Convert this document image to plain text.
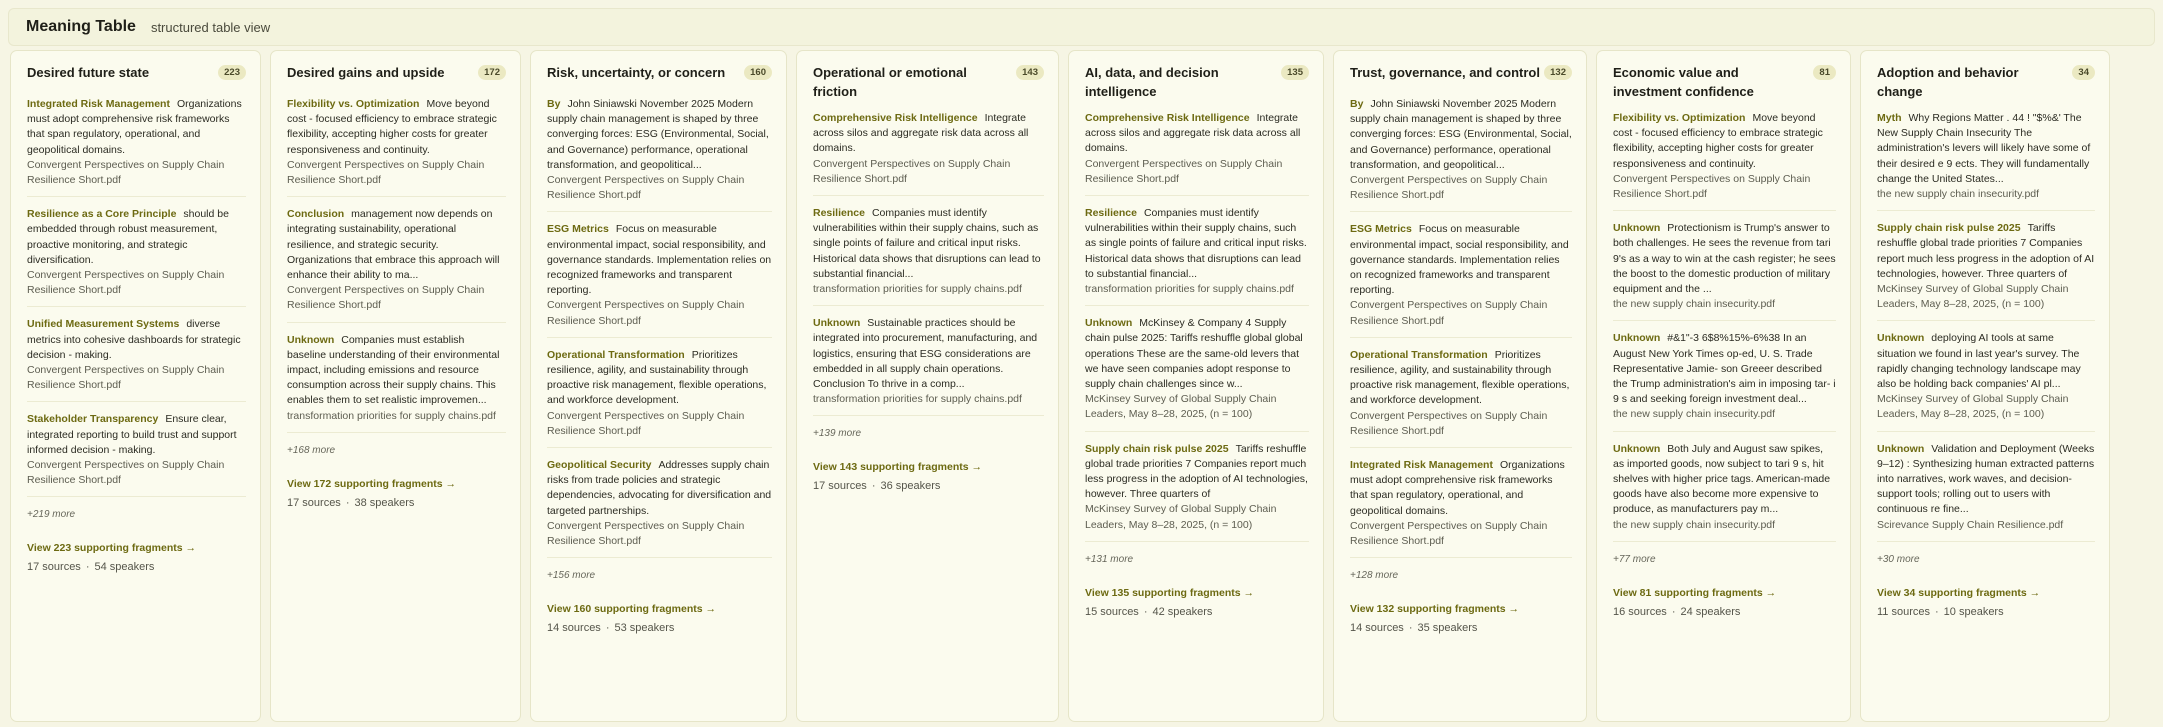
Meaning Table structured table view
Desired future state	223
Integrated Risk Management Organizations must adopt comprehensive risk frameworks that span regulatory, operational, and geopolitical domains.
Convergent Perspectives on Supply Chain Resilience Short.pdf
Resilience as a Core Principle should be embedded through robust measurement, proactive monitoring, and strategic diversification.
Convergent Perspectives on Supply Chain Resilience Short.pdf
Unified Measurement Systems diverse metrics into cohesive dashboards for strategic decision - making.
Convergent Perspectives on Supply Chain Resilience Short.pdf
Stakeholder Transparency Ensure clear, integrated reporting to build trust and support informed decision - making.
Convergent Perspectives on Supply Chain Resilience Short.pdf
+219 more
View 223 supporting fragments →
17 sources · 54 speakers
Desired gains and upside	172
Flexibility vs. Optimization Move beyond cost - focused efficiency to embrace strategic flexibility, accepting higher costs for greater responsiveness and continuity.
Convergent Perspectives on Supply Chain Resilience Short.pdf
Conclusion management now depends on integrating sustainability, operational resilience, and strategic security. Organizations that embrace this approach will enhance their ability to ma...
Convergent Perspectives on Supply Chain Resilience Short.pdf
Unknown Companies must establish baseline understanding of their environmental impact, including emissions and resource consumption across their supply chains. This enables them to set realistic improvemen...
transformation priorities for supply chains.pdf
+168 more
View 172 supporting fragments →
17 sources · 38 speakers
Risk, uncertainty, or concern	160
By John Siniawski November 2025 Modern supply chain management is shaped by three converging forces: ESG (Environmental, Social, and Governance) performance, operational transformation, and geopolitical...
Convergent Perspectives on Supply Chain Resilience Short.pdf
ESG Metrics Focus on measurable environmental impact, social responsibility, and governance standards. Implementation relies on recognized frameworks and transparent reporting.
Convergent Perspectives on Supply Chain Resilience Short.pdf
Operational Transformation Prioritizes resilience, agility, and sustainability through proactive risk management, flexible operations, and workforce development.
Convergent Perspectives on Supply Chain Resilience Short.pdf
Geopolitical Security Addresses supply chain risks from trade policies and strategic dependencies, advocating for diversification and targeted partnerships.
Convergent Perspectives on Supply Chain Resilience Short.pdf
+156 more
View 160 supporting fragments →
14 sources · 53 speakers
Operational or emotional friction
143
Comprehensive Risk Intelligence Integrate across silos and aggregate risk data across all domains.
Convergent Perspectives on Supply Chain Resilience Short.pdf
Resilience Companies must identify vulnerabilities within their supply chains, such as single points of failure and critical input risks. Historical data shows that disruptions can lead to substantial financial...
transformation priorities for supply chains.pdf
Unknown Sustainable practices should be integrated into procurement, manufacturing, and logistics, ensuring that ESG considerations are embedded in all supply chain operations. Conclusion To thrive in a comp...
transformation priorities for supply chains.pdf
+139 more
View 143 supporting fragments →
17 sources · 36 speakers
AI, data, and decision intelligence
135
Comprehensive Risk Intelligence Integrate across silos and aggregate risk data across all domains.
Convergent Perspectives on Supply Chain Resilience Short.pdf
Resilience Companies must identify vulnerabilities within their supply chains, such as single points of failure and critical input risks. Historical data shows that disruptions can lead to substantial financial...
transformation priorities for supply chains.pdf
Unknown McKinsey & Company 4 Supply chain pulse 2025: Tariffs reshuffle global global operations These are the same-old levers that we have seen companies adopt response to supply chain challenges since w...
McKinsey Survey of Global Supply Chain Leaders, May 8–28, 2025, (n = 100)
Supply chain risk pulse 2025 Tariffs reshuffle global trade priorities 7 Companies report much less progress in the adoption of AI technologies, however. Three quarters of
McKinsey Survey of Global Supply Chain Leaders, May 8–28, 2025, (n = 100)
+131 more
View 135 supporting fragments →
15 sources · 42 speakers
Trust, governance, and control	132
By John Siniawski November 2025 Modern supply chain management is shaped by three converging forces: ESG (Environmental, Social, and Governance) performance, operational transformation, and geopolitical...
Convergent Perspectives on Supply Chain Resilience Short.pdf
ESG Metrics Focus on measurable environmental impact, social responsibility, and governance standards. Implementation relies on recognized frameworks and transparent reporting.
Convergent Perspectives on Supply Chain Resilience Short.pdf
Operational Transformation Prioritizes resilience, agility, and sustainability through proactive risk management, flexible operations, and workforce development.
Convergent Perspectives on Supply Chain Resilience Short.pdf
Integrated Risk Management Organizations must adopt comprehensive risk frameworks that span regulatory, operational, and geopolitical domains.
Convergent Perspectives on Supply Chain Resilience Short.pdf
+128 more
View 132 supporting fragments →
14 sources · 35 speakers
Economic value and investment confidence
81
Flexibility vs. Optimization Move beyond cost - focused efficiency to embrace strategic flexibility, accepting higher costs for greater responsiveness and continuity.
Convergent Perspectives on Supply Chain Resilience Short.pdf
Unknown Protectionism is Trump's answer to both challenges. He sees the revenue from tari 9's as a way to win at the cash register; he sees the boost to the domestic production of military equipment and the ...
the new supply chain insecurity.pdf
Unknown #&1"-3 6$8%15%-6%38 In an August New York Times op-ed, U. S. Trade Representative Jamie- son Greeer described the Trump administration's aim in imposing tar- i 9 s and seeking foreign investment deal...
the new supply chain insecurity.pdf
Unknown Both July and August saw spikes, as imported goods, now subject to tari 9 s, hit shelves with higher price tags. American-made goods have also become more expensive to produce, as manufacturers pay m...
the new supply chain insecurity.pdf
+77 more
View 81 supporting fragments →
16 sources · 24 speakers
Adoption and behavior change
34
Myth Why Regions Matter . 44 ! "$%&' The New Supply Chain Insecurity The administration's levers will likely have some of their desired e 9 ects. They will fundamentally change the United States...
the new supply chain insecurity.pdf
Supply chain risk pulse 2025 Tariffs reshuffle global trade priorities 7 Companies report much less progress in the adoption of AI technologies, however. Three quarters of
McKinsey Survey of Global Supply Chain Leaders, May 8–28, 2025, (n = 100)
Unknown deploying AI tools at same situation we found in last year's survey. The rapidly changing technology landscape may also be holding back companies' AI pl...
McKinsey Survey of Global Supply Chain Leaders, May 8–28, 2025, (n = 100)
Unknown Validation and Deployment (Weeks 9–12) : Synthesizing human extracted patterns into narratives, work waves, and decision-support tools; rolling out to users with continuous re fine...
Scirevance Supply Chain Resilience.pdf
+30 more
View 34 supporting fragments →
11 sources · 10 speakers
